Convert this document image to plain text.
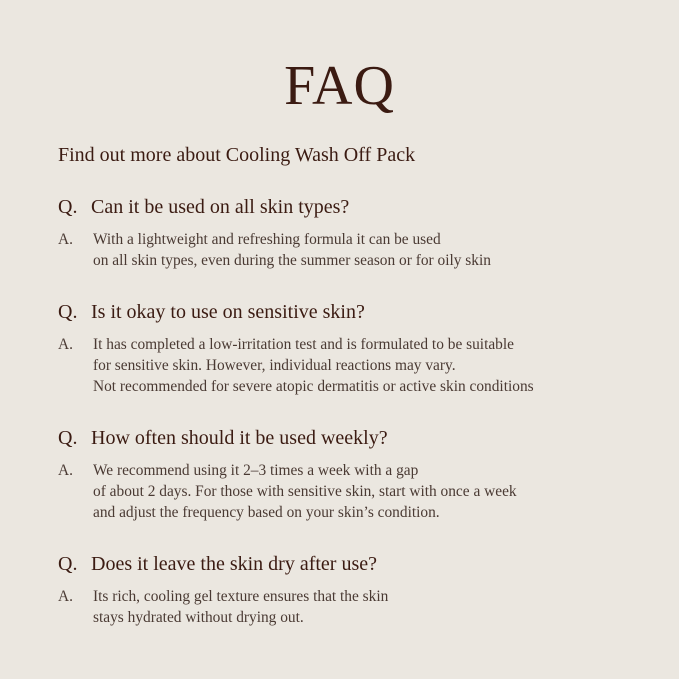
FAQ
Find out more about Cooling Wash Off Pack
Q. Can it be used on all skin types?
A.	With a lightweight and refreshing formula it can be used
on all skin types, even during the summer season or for oily skin
Q. Is it okay to use on sensitive skin?
A.	It has completed a low-irritation test and is formulated to be suitable
for sensitive skin. However, individual reactions may vary.
Not recommended for severe atopic dermatitis or active skin conditions
Q. How often should it be used weekly?
A.	We recommend using it 2–3 times a week with a gap
of about 2 days. For those with sensitive skin, start with once a week
and adjust the frequency based on your skin’s condition.
Q. Does it leave the skin dry after use?
A.	Its rich, cooling gel texture ensures that the skin
stays hydrated without drying out.
